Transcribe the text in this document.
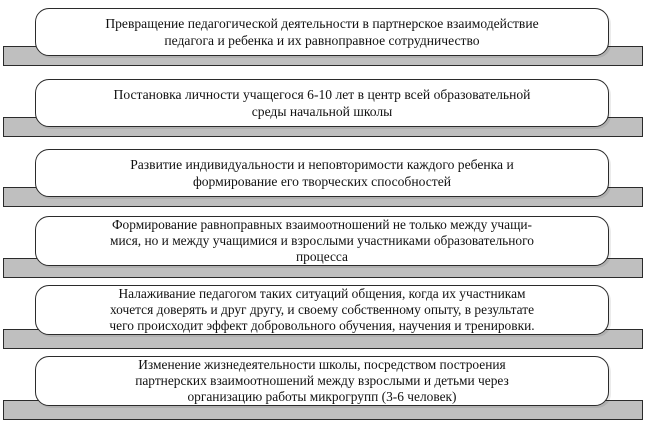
Превращение педагогической деятельности в партнерское взаимодействие
педагога и ребенка и их равноправное сотрудничество
Постановка личности учащегося 6-10 лет в центр всей образовательной
среды начальной школы
Развитие индивидуальности и неповторимости каждого ребенка и
формирование его творческих способностей
Формирование равноправных взаимоотношений не только между учащи-
мися, но и между учащимися и взрослыми участниками образовательного
процесса
Налаживание педагогом таких ситуаций общения, когда их участникам
хочется доверять и друг другу, и своему собственному опыту, в результате
чего происходит эффект добровольного обучения, научения и тренировки.
Изменение жизнедеятельности школы, посредством построения
партнерских взаимоотношений между взрослыми и детьми через
организацию работы микрогрупп (3-6 человек)
